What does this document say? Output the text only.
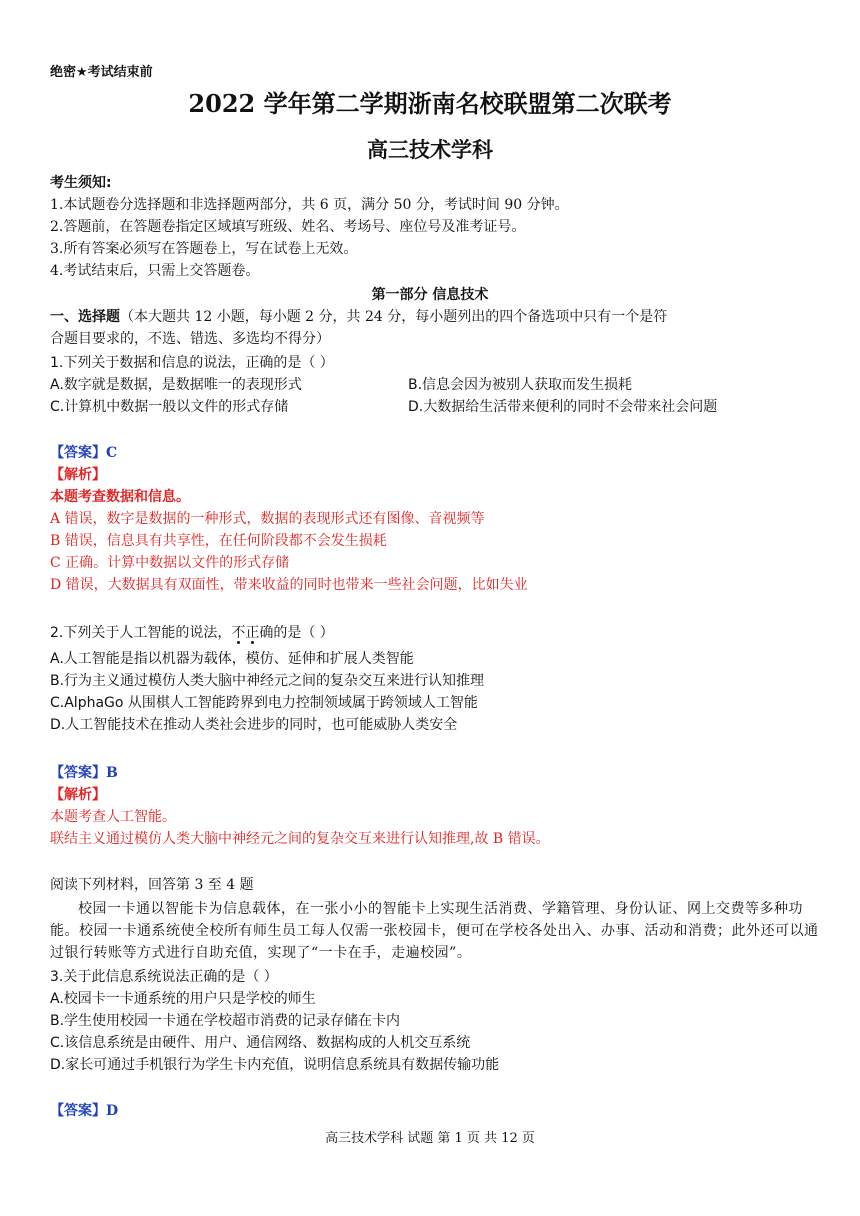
绝密★考试结束前
2022 学年第二学期浙南名校联盟第二次联考
高三技术学科
考生须知:
1.本试题卷分选择题和非选择题两部分，共 6 页，满分 50 分，考试时间 90 分钟。
2.答题前，在答题卷指定区域填写班级、姓名、考场号、座位号及准考证号。
3.所有答案必须写在答题卷上，写在试卷上无效。
4.考试结束后，只需上交答题卷。
第一部分 信息技术
一、选择题（本大题共 12 小题，每小题 2 分，共 24 分，每小题列出的四个备选项中只有一个是符
合题目要求的，不选、错选、多选均不得分）
1.下列关于数据和信息的说法，正确的是（ ）
A.数字就是数据，是数据唯一的表现形式	B.信息会因为被别人获取而发生损耗
C.计算机中数据一般以文件的形式存储	D.大数据给生活带来便利的同时不会带来社会问题
【答案】C
【解析】
本题考查数据和信息。
A 错误，数字是数据的一种形式，数据的表现形式还有图像、音视频等
B 错误，信息具有共享性，在任何阶段都不会发生损耗
C 正确。计算中数据以文件的形式存储
D 错误，大数据具有双面性，带来收益的同时也带来一些社会问题，比如失业
2.下列关于人工智能的说法，不正确的是（ ）
A.人工智能是指以机器为载体，模仿、延伸和扩展人类智能
B.行为主义通过模仿人类大脑中神经元之间的复杂交互来进行认知推理
C.AlphaGo 从围棋人工智能跨界到电力控制领域属于跨领域人工智能
D.人工智能技术在推动人类社会进步的同时，也可能威胁人类安全
【答案】B
【解析】
本题考查人工智能。
联结主义通过模仿人类大脑中神经元之间的复杂交互来进行认知推理,故 B 错误。
阅读下列材料，回答第 3 至 4 题
校园一卡通以智能卡为信息载体，在一张小小的智能卡上实现生活消费、学籍管理、身份认证、网上交费等多种功能。校园一卡通系统使全校所有师生员工每人仅需一张校园卡，便可在学校各处出入、办事、活动和消费；此外还可以通过银行转账等方式进行自助充值，实现了“一卡在手，走遍校园”。
3.关于此信息系统说法正确的是（ ）
A.校园卡一卡通系统的用户只是学校的师生
B.学生使用校园一卡通在学校超市消费的记录存储在卡内
C.该信息系统是由硬件、用户、通信网络、数据构成的人机交互系统
D.家长可通过手机银行为学生卡内充值，说明信息系统具有数据传输功能
【答案】D
高三技术学科 试题 第 1 页 共 12 页
